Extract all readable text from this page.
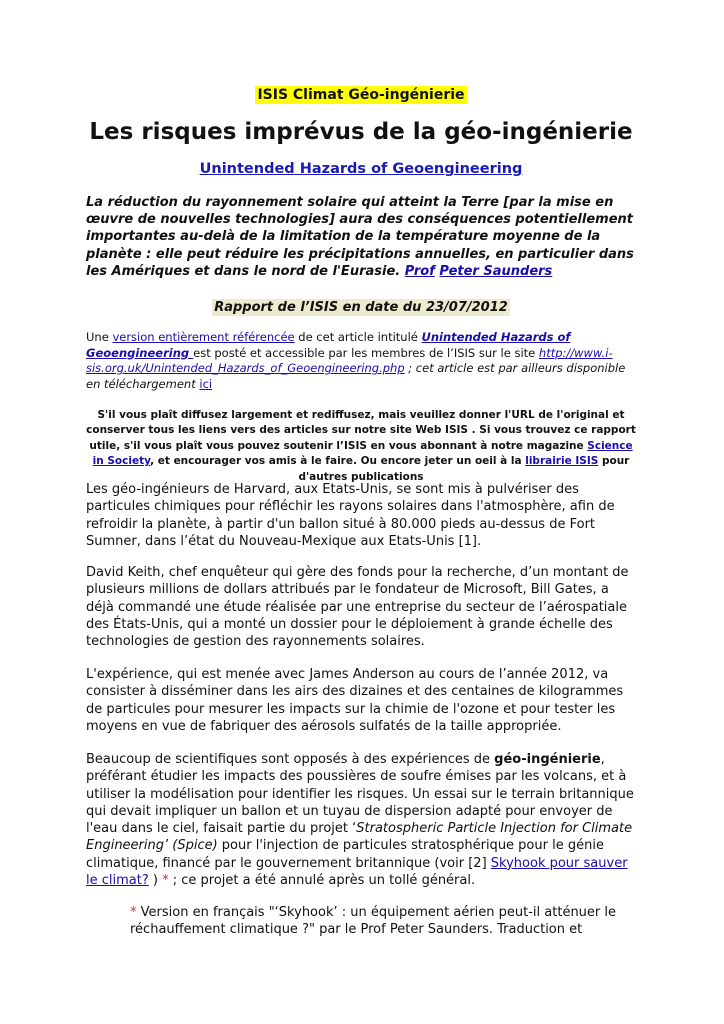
ISIS Climat Géo-ingénierie
Les risques imprévus de la géo-ingénierie
Unintended Hazards of Geoengineering

La réduction du rayonnement solaire qui atteint la Terre [par la mise en œuvre de nouvelles technologies] aura des conséquences potentiellement importantes au-delà de la limitation de la température moyenne de la planète : elle peut réduire les précipitations annuelles, en particulier dans les Amériques et dans le nord de l'Eurasie. Prof Peter Saunders

Rapport de l’ISIS en date du 23/07/2012

Une version entièrement référencée de cet article intitulé Unintended Hazards of Geoengineering est posté et accessible par les membres de l’ISIS sur le site http://www.i-sis.org.uk/Unintended_Hazards_of_Geoengineering.php ; cet article est par ailleurs disponible en téléchargement ici

S'il vous plaît diffusez largement et rediffusez, mais veuillez donner l'URL de l'original et conserver tous les liens vers des articles sur notre site Web ISIS . Si vous trouvez ce rapport utile, s'il vous plaît vous pouvez soutenir l’ISIS en vous abonnant à notre magazine Science in Society, et encourager vos amis à le faire. Ou encore jeter un oeil à la librairie ISIS pour d'autres publications

Les géo-ingénieurs de Harvard, aux Etats-Unis, se sont mis à pulvériser des particules chimiques pour réfléchir les rayons solaires dans l'atmosphère, afin de refroidir la planète, à partir d'un ballon situé à 80.000 pieds au-dessus de Fort Sumner, dans l’état du Nouveau-Mexique aux Etats-Unis [1].

David Keith, chef enquêteur qui gère des fonds pour la recherche, d’un montant de plusieurs millions de dollars attribués par le fondateur de Microsoft, Bill Gates, a déjà commandé une étude réalisée par une entreprise du secteur de l’aérospatiale des États-Unis, qui a monté un dossier pour le déploiement à grande échelle des technologies de gestion des rayonnements solaires.

L'expérience, qui est menée avec James Anderson au cours de l’année 2012, va consister à disséminer dans les airs des dizaines et des centaines de kilogrammes de particules pour mesurer les impacts sur la chimie de l'ozone et pour tester les moyens en vue de fabriquer des aérosols sulfatés de la taille appropriée.

Beaucoup de scientifiques sont opposés à des expériences de géo-ingénierie, préférant étudier les impacts des poussières de soufre émises par les volcans, et à utiliser la modélisation pour identifier les risques. Un essai sur le terrain britannique qui devait impliquer un ballon et un tuyau de dispersion adapté pour envoyer de l'eau dans le ciel, faisait partie du projet ‘Stratospheric Particle Injection for Climate Engineering’ (Spice) pour l'injection de particules stratosphérique pour le génie climatique, financé par le gouvernement britannique (voir [2] Skyhook pour sauver le climat? ) * ; ce projet a été annulé après un tollé général.

* Version en français "‘Skyhook’ : un équipement aérien peut-il atténuer le réchauffement climatique ?" par le Prof Peter Saunders. Traduction et
